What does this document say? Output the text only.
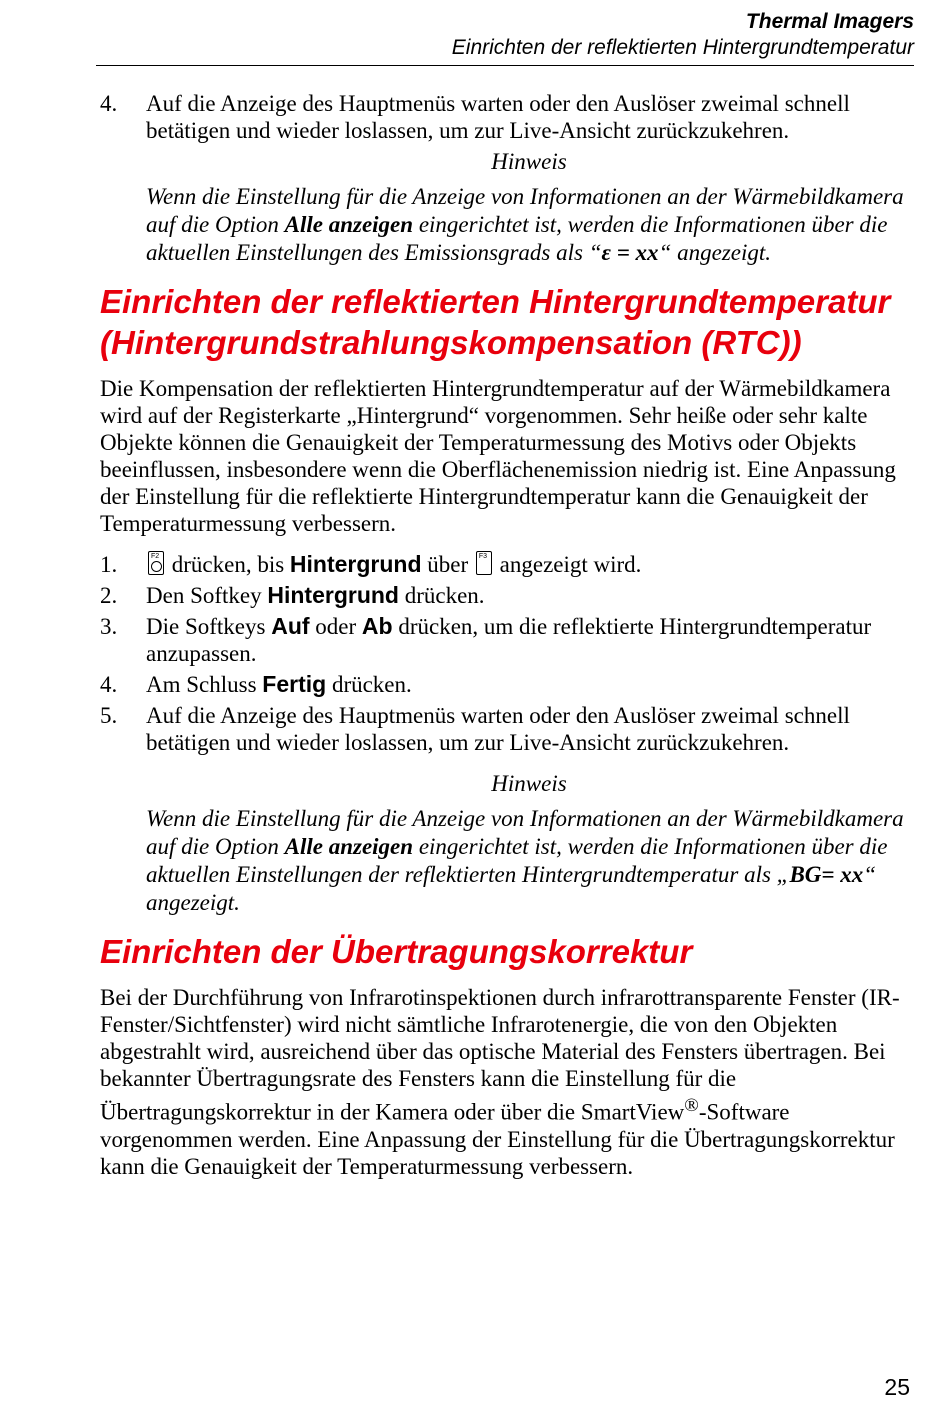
Thermal Imagers
Einrichten der reflektierten Hintergrundtemperatur
4. Auf die Anzeige des Hauptmenüs warten oder den Auslöser zweimal schnell betätigen und wieder loslassen, um zur Live-Ansicht zurückzukehren.
Hinweis
Wenn die Einstellung für die Anzeige von Informationen an der Wärmebildkamera auf die Option Alle anzeigen eingerichtet ist, werden die Informationen über die aktuellen Einstellungen des Emissionsgrads als “ε = xx“ angezeigt.
Einrichten der reflektierten Hintergrundtemperatur (Hintergrundstrahlungskompensation (RTC))

Die Kompensation der reflektierten Hintergrundtemperatur auf der Wärmebildkamera wird auf der Registerkarte „Hintergrund“ vorgenommen. Sehr heiße oder sehr kalte Objekte können die Genauigkeit der Temperaturmessung des Motivs oder Objekts beeinflussen, insbesondere wenn die Oberflächenemission niedrig ist. Eine Anpassung der Einstellung für die reflektierte Hintergrundtemperatur kann die Genauigkeit der Temperaturmessung verbessern.

1.	F2 drücken, bis Hintergrund über F3 angezeigt wird.
2. Den Softkey Hintergrund drücken.
3. Die Softkeys Auf oder Ab drücken, um die reflektierte Hintergrundtemperatur anzupassen.
4. Am Schluss Fertig drücken.
5. Auf die Anzeige des Hauptmenüs warten oder den Auslöser zweimal schnell betätigen und wieder loslassen, um zur Live-Ansicht zurückzukehren.
Hinweis
Wenn die Einstellung für die Anzeige von Informationen an der Wärmebildkamera auf die Option Alle anzeigen eingerichtet ist, werden die Informationen über die aktuellen Einstellungen der reflektierten Hintergrundtemperatur als „BG= xx“ angezeigt.
Einrichten der Übertragungskorrektur

Bei der Durchführung von Infrarotinspektionen durch infrarottransparente Fenster (IR-Fenster/Sichtfenster) wird nicht sämtliche Infrarotenergie, die von den Objekten abgestrahlt wird, ausreichend über das optische Material des Fensters übertragen. Bei bekannter Übertragungsrate des Fensters kann die Einstellung für die Übertragungskorrektur in der Kamera oder über die SmartView®-Software vorgenommen werden. Eine Anpassung der Einstellung für die Übertragungskorrektur kann die Genauigkeit der Temperaturmessung verbessern.

25
